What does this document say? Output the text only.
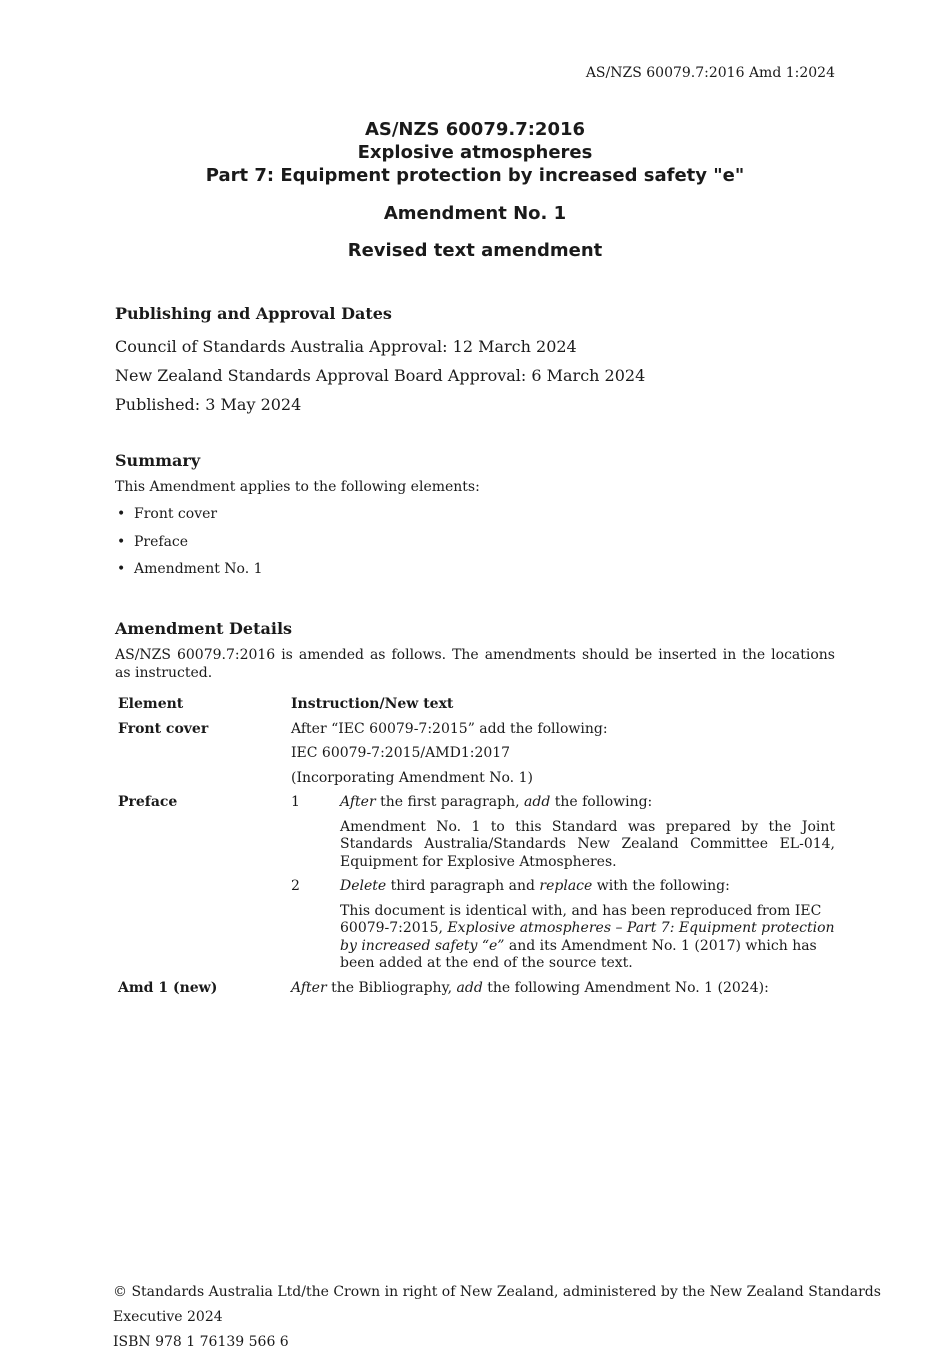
AS/NZS 60079.7:2016 Amd 1:2024
AS/NZS 60079.7:2016
Explosive atmospheres
Part 7: Equipment protection by increased safety "e"
Amendment No. 1
Revised text amendment
Publishing and Approval Dates

Council of Standards Australia Approval: 12 March 2024

New Zealand Standards Approval Board Approval: 6 March 2024

Published: 3 May 2024

Summary

This Amendment applies to the following elements:

• Front cover
• Preface
• Amendment No. 1
Amendment Details

AS/NZS 60079.7:2016 is amended as follows. The amendments should be inserted in the locations as instructed.

Element	Instruction/New text	
Front cover	After “IEC 60079-7:2015” add the following:	
	IEC 60079-7:2015/AMD1:2017	
	(Incorporating Amendment No. 1)	
Preface	1	After the first paragraph, add the following:
		Amendment No. 1 to this Standard was prepared by the Joint Standards Australia/Standards New Zealand Committee EL-014, Equipment for Explosive Atmospheres.
	2	Delete third paragraph and replace with the following:
		This document is identical with, and has been reproduced from IEC 60079-7:2015, Explosive atmospheres – Part 7: Equipment protection by increased safety “e” and its Amendment No. 1 (2017) which has been added at the end of the source text.
Amd 1 (new)	After the Bibliography, add the following Amendment No. 1 (2024):	
© Standards Australia Ltd/the Crown in right of New Zealand, administered by the New Zealand Standards Executive 2024
ISBN 978 1 76139 566 6
